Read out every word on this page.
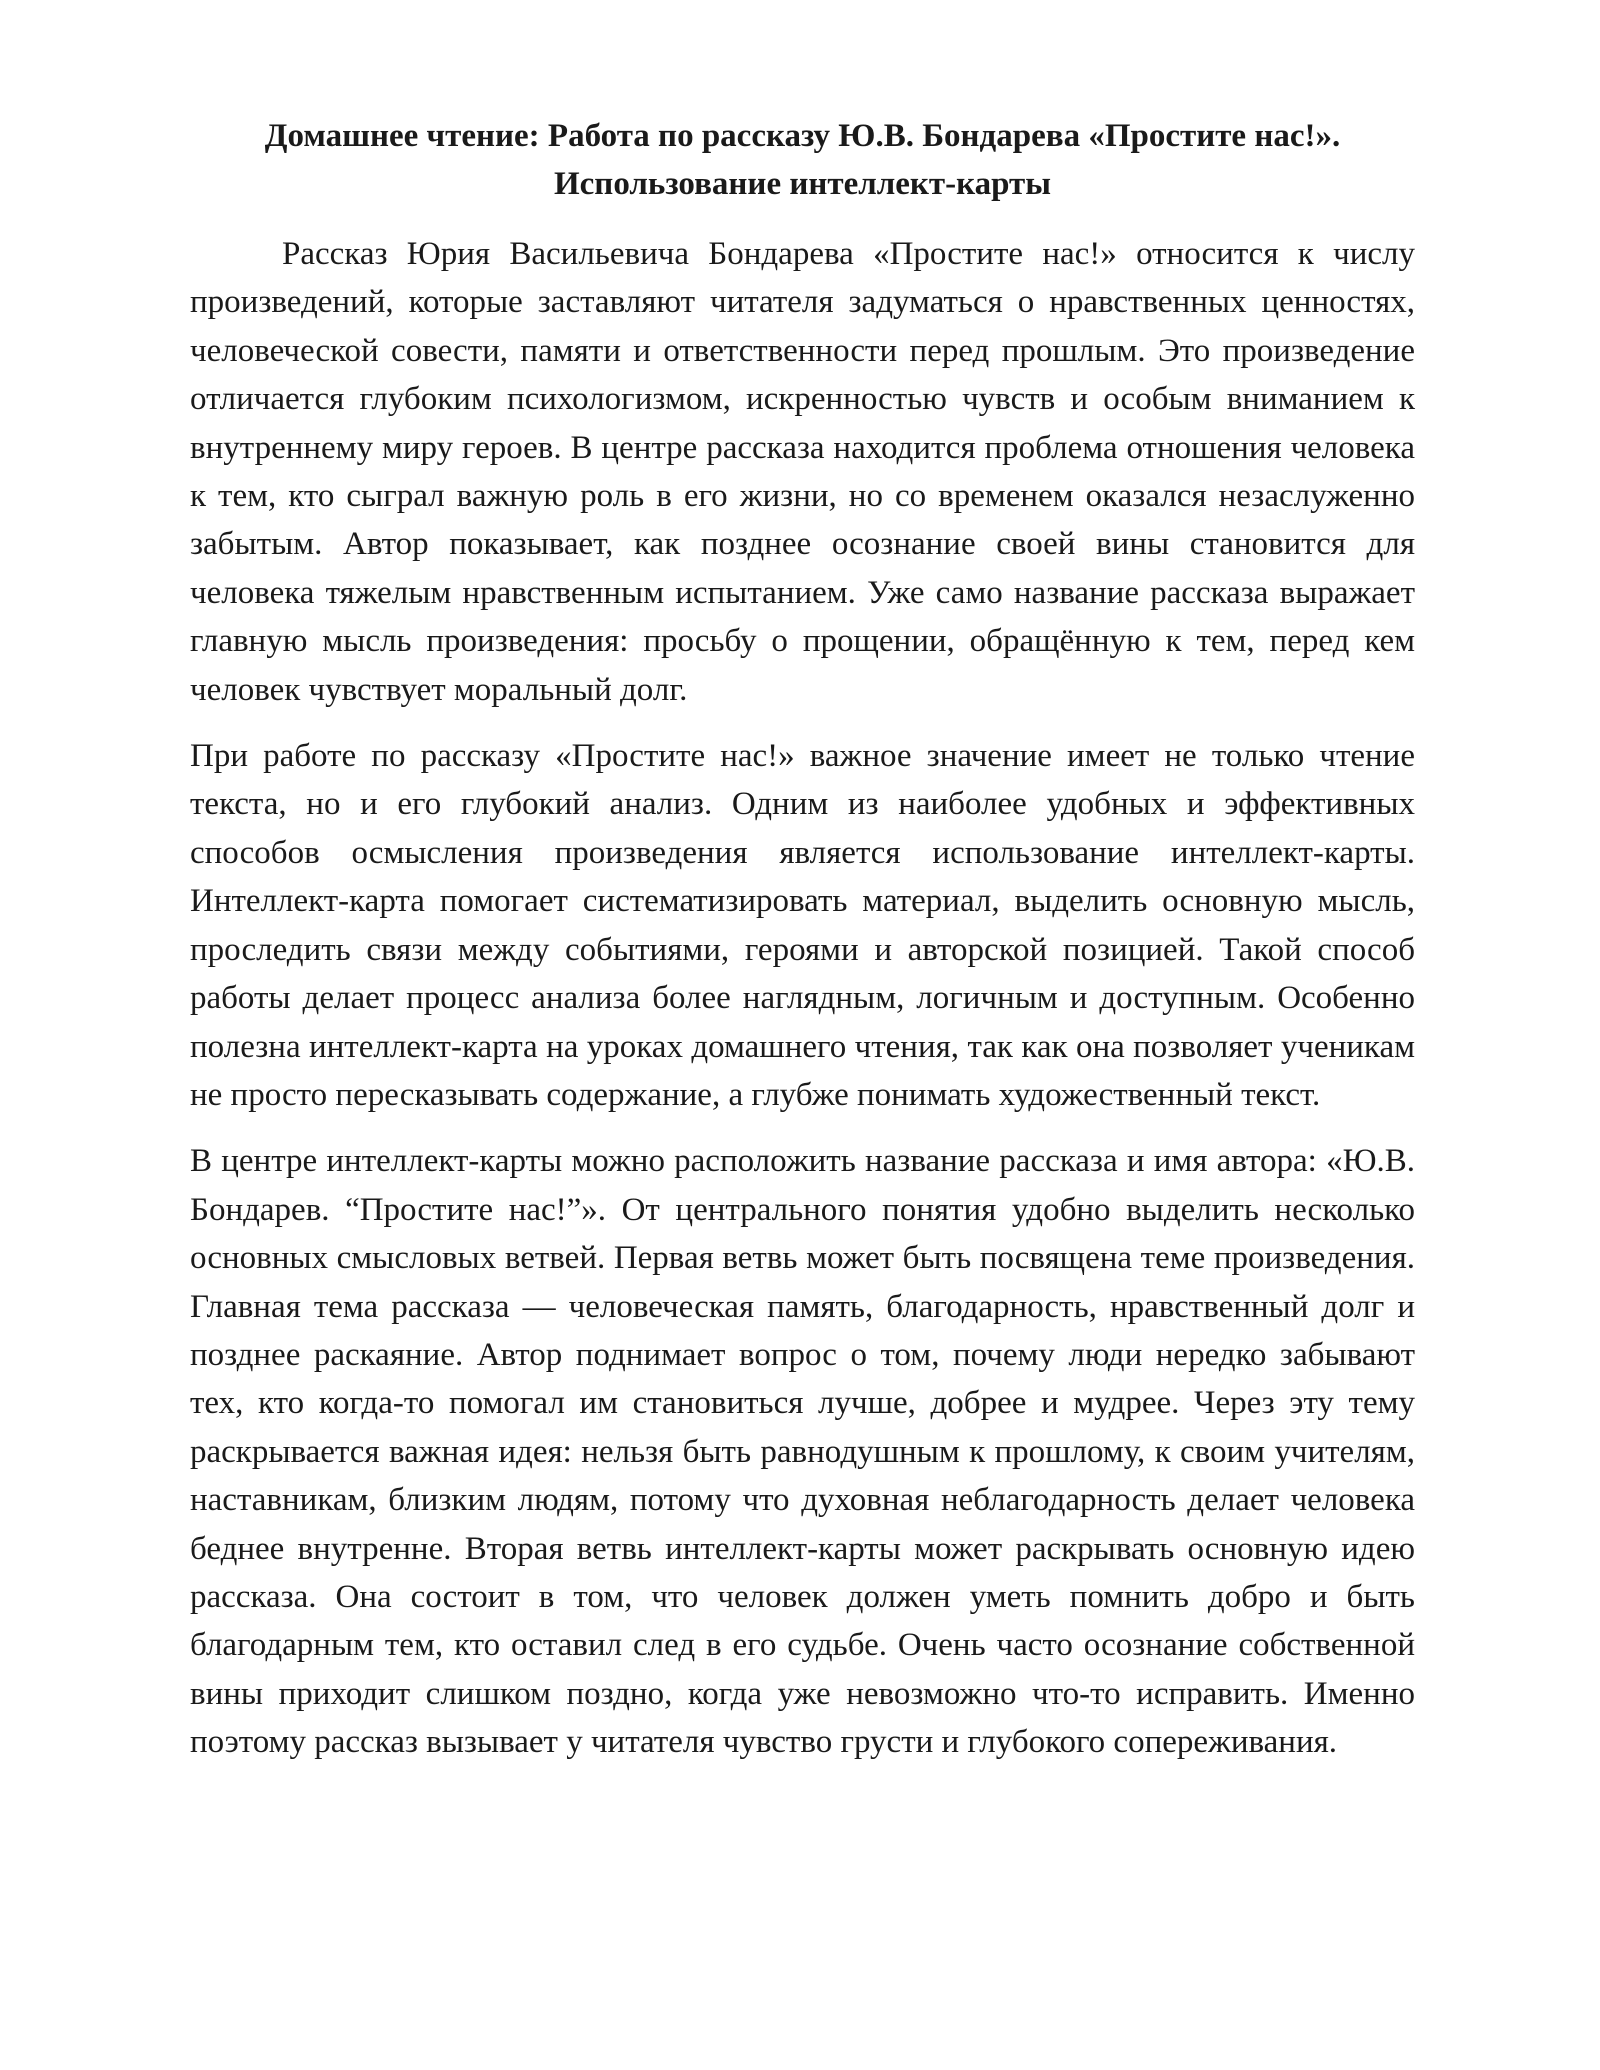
Домашнее чтение: Работа по рассказу Ю.В. Бондарева «Простите нас!».
Использование интеллект-карты

Рассказ Юрия Васильевича Бондарева «Простите нас!» относится к числу произведений, которые заставляют читателя задуматься о нравственных ценностях, человеческой совести, памяти и ответственности перед прошлым. Это произведение отличается глубоким психологизмом, искренностью чувств и особым вниманием к внутреннему миру героев. В центре рассказа находится проблема отношения человека к тем, кто сыграл важную роль в его жизни, но со временем оказался незаслуженно забытым. Автор показывает, как позднее осознание своей вины становится для человека тяжелым нравственным испытанием. Уже само название рассказа выражает главную мысль произведения: просьбу о прощении, обращённую к тем, перед кем человек чувствует моральный долг.

При работе по рассказу «Простите нас!» важное значение имеет не только чтение текста, но и его глубокий анализ. Одним из наиболее удобных и эффективных способов осмысления произведения является использование интеллект-карты. Интеллект-карта помогает систематизировать материал, выделить основную мысль, проследить связи между событиями, героями и авторской позицией. Такой способ работы делает процесс анализа более наглядным, логичным и доступным. Особенно полезна интеллект-карта на уроках домашнего чтения, так как она позволяет ученикам не просто пересказывать содержание, а глубже понимать художественный текст.

В центре интеллект-карты можно расположить название рассказа и имя автора: «Ю.В. Бондарев. “Простите нас!”». От центрального понятия удобно выделить несколько основных смысловых ветвей. Первая ветвь может быть посвящена теме произведения. Главная тема рассказа — человеческая память, благодарность, нравственный долг и позднее раскаяние. Автор поднимает вопрос о том, почему люди нередко забывают тех, кто когда-то помогал им становиться лучше, добрее и мудрее. Через эту тему раскрывается важная идея: нельзя быть равнодушным к прошлому, к своим учителям, наставникам, близким людям, потому что духовная неблагодарность делает человека беднее внутренне. Вторая ветвь интеллект-карты может раскрывать основную идею рассказа. Она состоит в том, что человек должен уметь помнить добро и быть благодарным тем, кто оставил след в его судьбе. Очень часто осознание собственной вины приходит слишком поздно, когда уже невозможно что-то исправить. Именно поэтому рассказ вызывает у читателя чувство грусти и глубокого сопереживания.
